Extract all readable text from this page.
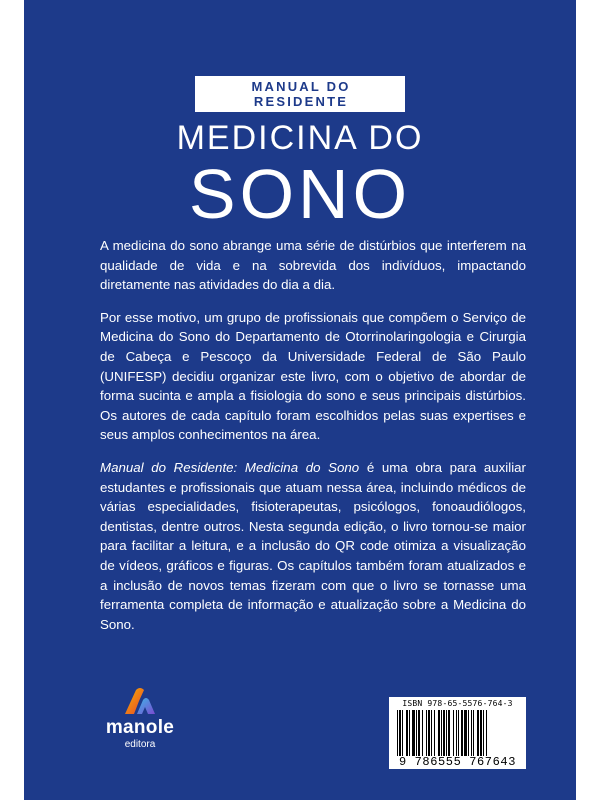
MANUAL DO RESIDENTE
MEDICINA DO
SONO

A medicina do sono abrange uma série de distúrbios que interferem na qualidade de vida e na sobrevida dos indivíduos, impactando diretamente nas atividades do dia a dia.

Por esse motivo, um grupo de profissionais que compõem o Serviço de Medicina do Sono do Departamento de Otorrinolaringologia e Cirurgia de Cabeça e Pescoço da Universidade Federal de São Paulo (UNIFESP) decidiu organizar este livro, com o objetivo de abordar de forma sucinta e ampla a fisiologia do sono e seus principais distúrbios. Os autores de cada capítulo foram escolhidos pelas suas expertises e seus amplos conhecimentos na área.

Manual do Residente: Medicina do Sono é uma obra para auxiliar estudantes e profissionais que atuam nessa área, incluindo médicos de várias especialidades, fisioterapeutas, psicólogos, fonoaudiólogos, dentistas, dentre outros. Nesta segunda edição, o livro tornou-se maior para facilitar a leitura, e a inclusão do QR code otimiza a visualização de vídeos, gráficos e figuras. Os capítulos também foram atualizados e a inclusão de novos temas fizeram com que o livro se tornasse uma ferramenta completa de informação e atualização sobre a Medicina do Sono.

manole
editora
ISBN 978-65-5576-764-3
9 786555 767643
